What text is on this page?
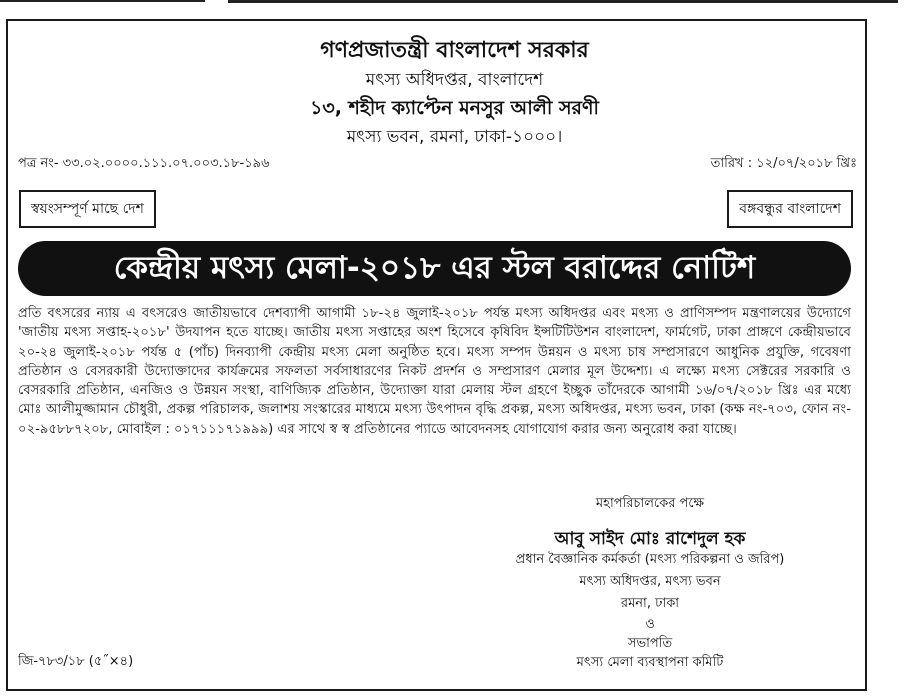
গণপ্রজাতন্ত্রী বাংলাদেশ সরকার
মৎস্য অধিদপ্তর, বাংলাদেশ
১৩, শহীদ ক্যাপ্টেন মনসুর আলী সরণী
মৎস্য ভবন, রমনা, ঢাকা-১০০০।
পত্র নং- ৩৩.০২.০০০০.১১১.০৭.০০৩.১৮-১৯৬	তারিখ : ১২/০৭/২০১৮ খ্রিঃ
স্বয়ংসম্পূর্ণ মাছে দেশ	বঙ্গবন্ধুর বাংলাদেশ
কেন্দ্রীয় মৎস্য মেলা-২০১৮ এর স্টল বরাদ্দের নোটিশ

প্রতি বৎসরের ন্যায় এ বৎসরেও জাতীয়ভাবে দেশব্যাপী আগামী ১৮-২৪ জুলাই-২০১৮ পর্যন্ত মৎস্য অধিদপ্তর এবং মৎস্য ও প্রাণিসম্পদ মন্ত্রণালয়ের উদ্যোগে 'জাতীয় মৎস্য সপ্তাহ-২০১৮' উদযাপন হতে যাচ্ছে। জাতীয় মৎস্য সপ্তাহের অংশ হিসেবে কৃষিবিদ ইন্সটিটিউশন বাংলাদেশ, ফার্মগেট, ঢাকা প্রাঙ্গণে কেন্দ্রীয়ভাবে ২০-২৪ জুলাই-২০১৮ পর্যন্ত ৫ (পাঁচ) দিনব্যাপী কেন্দ্রীয় মৎস্য মেলা অনুষ্ঠিত হবে। মৎস্য সম্পদ উন্নয়ন ও মৎস্য চাষ সম্প্রসারণে আধুনিক প্রযুক্তি, গবেষণা প্রতিষ্ঠান ও বেসরকারী উদ্যোক্তাদের কার্যক্রমের সফলতা সর্বসাধারণের নিকট প্রদর্শন ও সম্প্রসারণ মেলার মূল উদ্দেশ্য। এ লক্ষ্যে মৎস্য সেক্টরের সরকারি ও বেসরকারি প্রতিষ্ঠান, এনজিও ও উন্নয়ন সংস্থা, বাণিজ্যিক প্রতিষ্ঠান, উদ্যোক্তা যারা মেলায় স্টল গ্রহণে ইচ্ছুক তাঁদেরকে আগামী ১৬/০৭/২০১৮ খ্রিঃ এর মধ্যে মোঃ আলীমুজ্জামান চৌধুরী, প্রকল্প পরিচালক, জলাশয় সংস্কারের মাধ্যমে মৎস্য উৎপাদন বৃদ্ধি প্রকল্প, মৎস্য অধিদপ্তর, মৎস্য ভবন, ঢাকা (কক্ষ নং-৭০৩, ফোন নং- ০২-৯৫৮৮৭২০৮, মোবাইল : ০১৭১১১৭১৯৯৯) এর সাথে স্ব স্ব প্রতিষ্ঠানের প্যাডে আবেদনসহ যোগাযোগ করার জন্য অনুরোধ করা যাচ্ছে।

মহাপরিচালকের পক্ষে
আবু সাইদ মোঃ রাশেদুল হক
প্রধান বৈজ্ঞানিক কর্মকর্তা (মৎস্য পরিকল্পনা ও জরিপ)
মৎস্য অধিদপ্তর, মৎস্য ভবন
রমনা, ঢাকা
ও
সভাপতি
মৎস্য মেলা ব্যবস্থাপনা কমিটি
জি-৭৮৩/১৮ (৫˝×৪)
